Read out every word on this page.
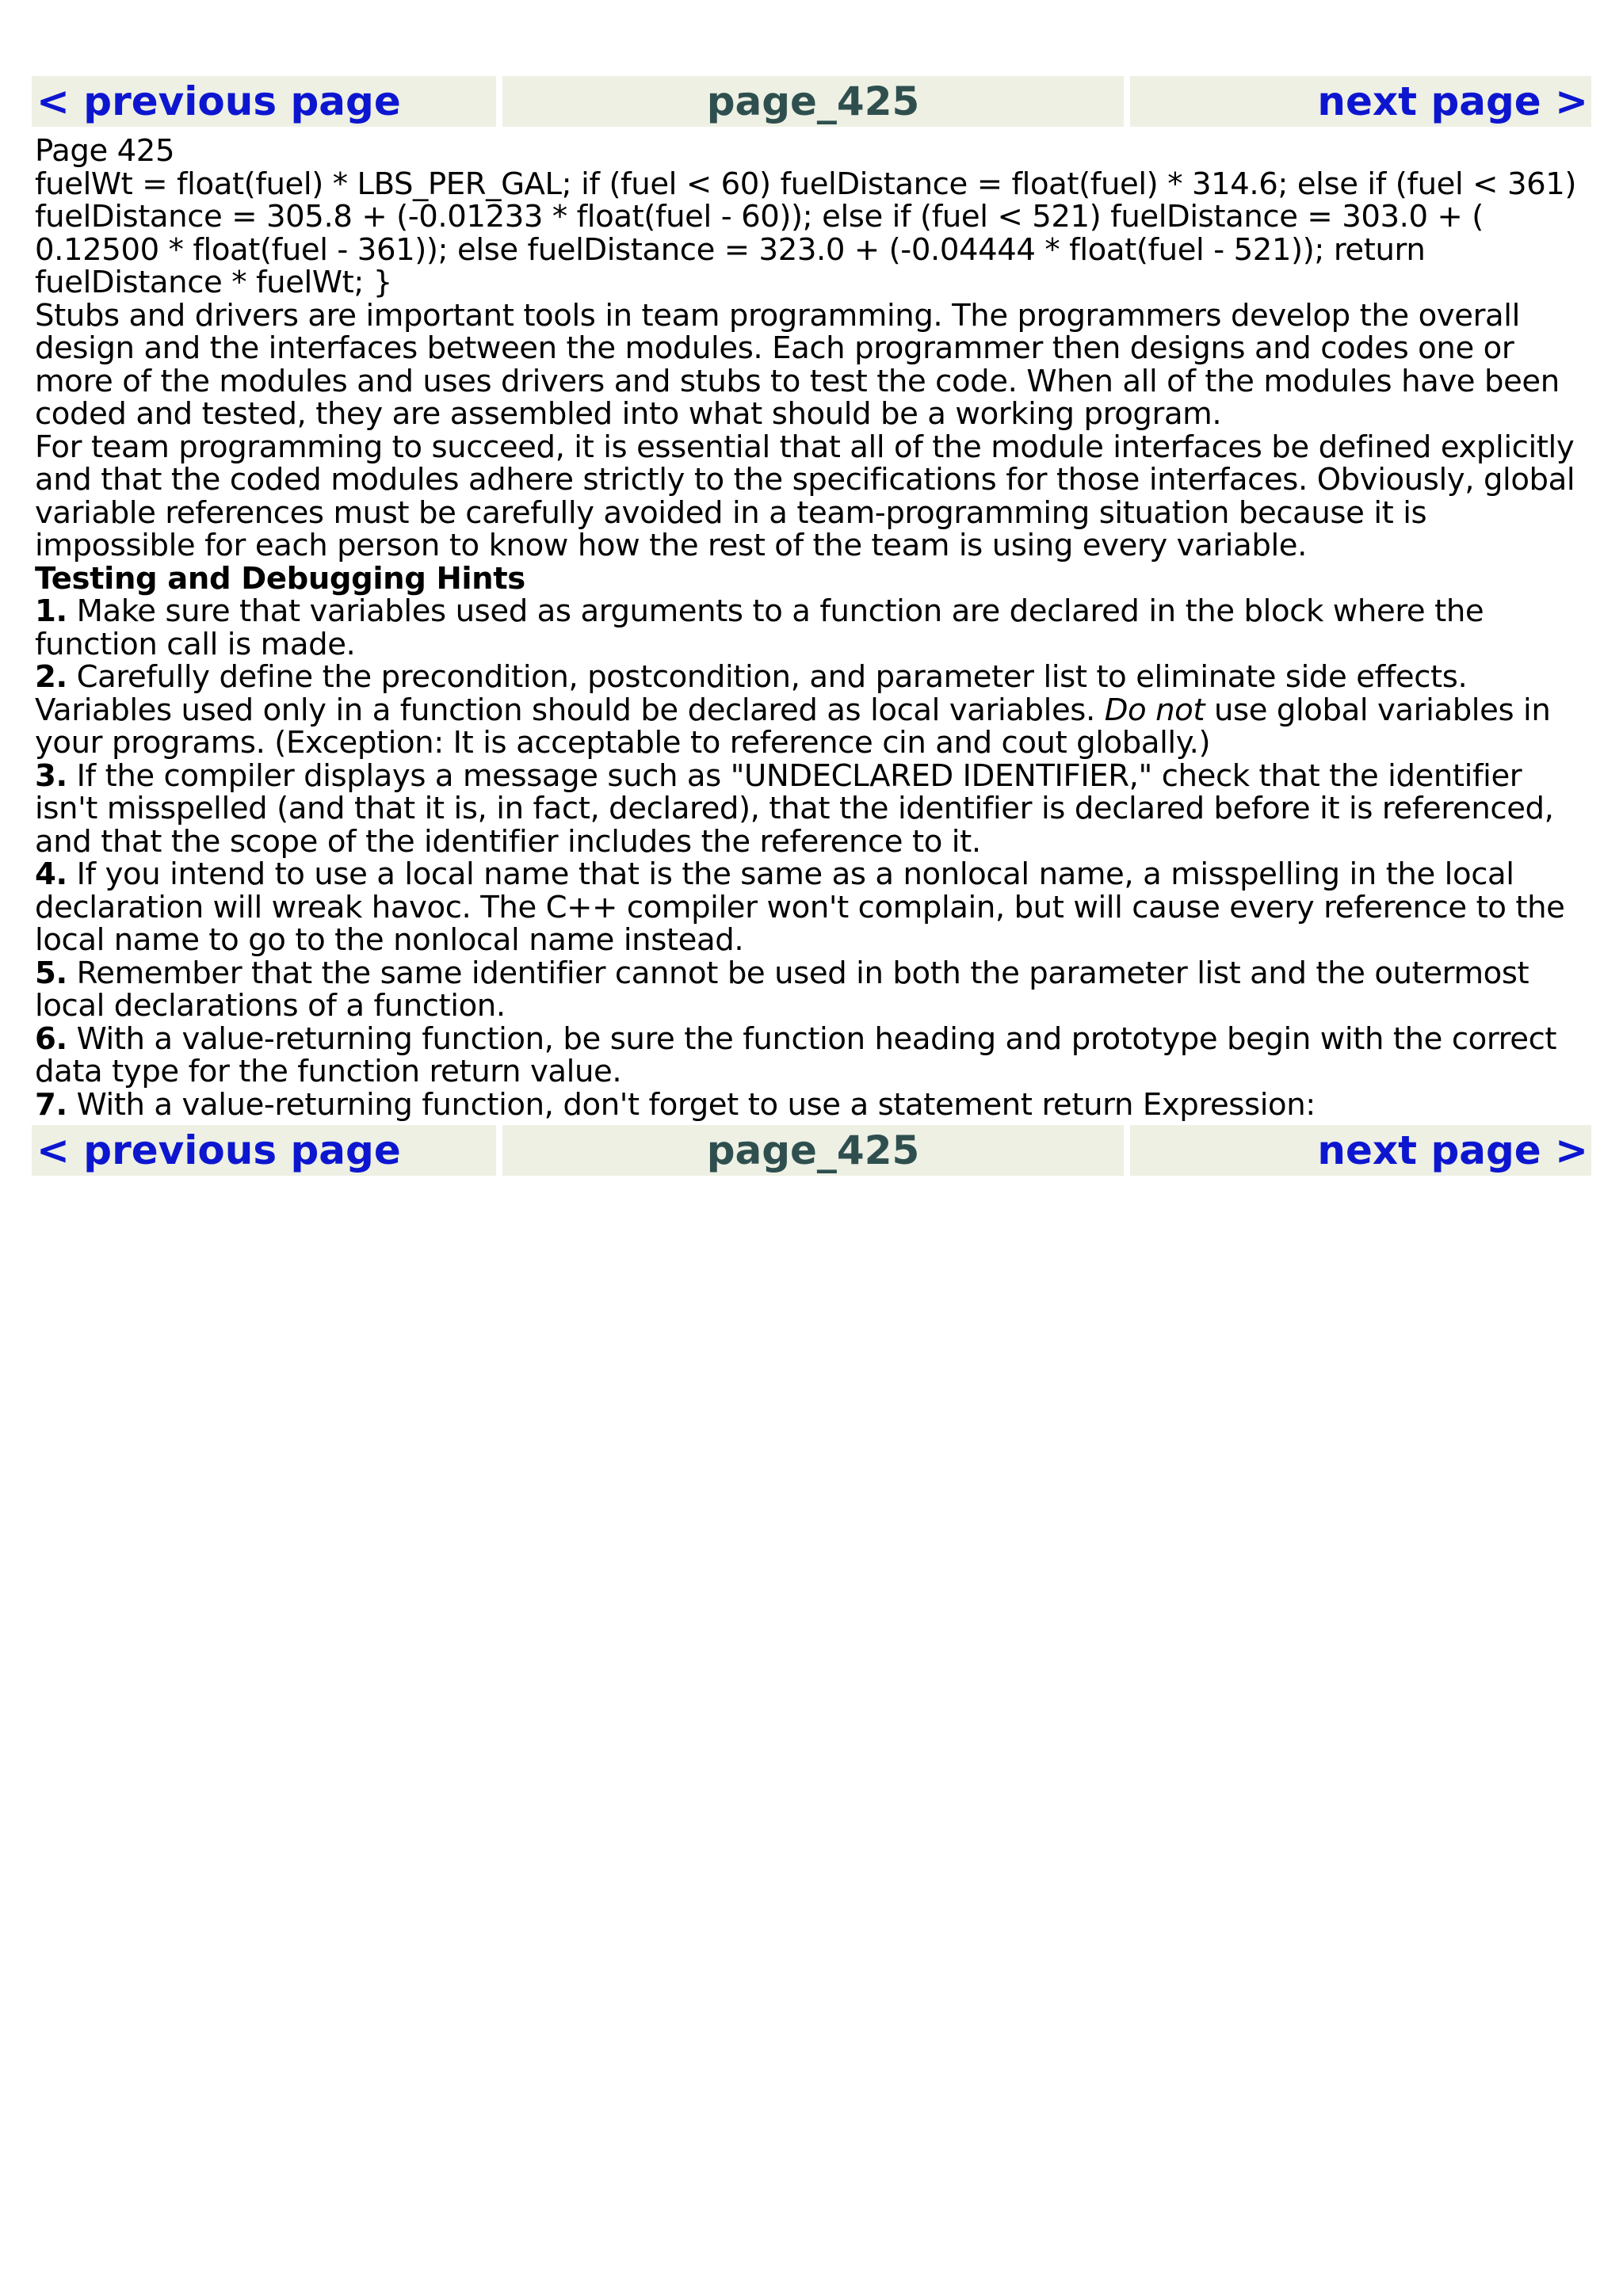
< previous page	page_425	next page >

Page 425

fuelWt = float(fuel) * LBS_PER_GAL; if (fuel < 60) fuelDistance = float(fuel) * 314.6; else if (fuel < 361) fuelDistance = 305.8 + (-0.01233 * float(fuel - 60)); else if (fuel < 521) fuelDistance = 303.0 + ( 0.12500 * float(fuel - 361)); else fuelDistance = 323.0 + (-0.04444 * float(fuel - 521)); return fuelDistance * fuelWt; }

Stubs and drivers are important tools in team programming. The programmers develop the overall design and the interfaces between the modules. Each programmer then designs and codes one or more of the modules and uses drivers and stubs to test the code. When all of the modules have been coded and tested, they are assembled into what should be a working program.

For team programming to succeed, it is essential that all of the module interfaces be defined explicitly and that the coded modules adhere strictly to the specifications for those interfaces. Obviously, global variable references must be carefully avoided in a team-programming situation because it is impossible for each person to know how the rest of the team is using every variable.

Testing and Debugging Hints

1. Make sure that variables used as arguments to a function are declared in the block where the function call is made.

2. Carefully define the precondition, postcondition, and parameter list to eliminate side effects. Variables used only in a function should be declared as local variables. Do not use global variables in your programs. (Exception: It is acceptable to reference cin and cout globally.)

3. If the compiler displays a message such as "UNDECLARED IDENTIFIER," check that the identifier isn't misspelled (and that it is, in fact, declared), that the identifier is declared before it is referenced, and that the scope of the identifier includes the reference to it.

4. If you intend to use a local name that is the same as a nonlocal name, a misspelling in the local declaration will wreak havoc. The C++ compiler won't complain, but will cause every reference to the local name to go to the nonlocal name instead.

5. Remember that the same identifier cannot be used in both the parameter list and the outermost local declarations of a function.

6. With a value-returning function, be sure the function heading and prototype begin with the correct data type for the function return value.

7. With a value-returning function, don't forget to use a statement return Expression:

< previous page	page_425	next page >
